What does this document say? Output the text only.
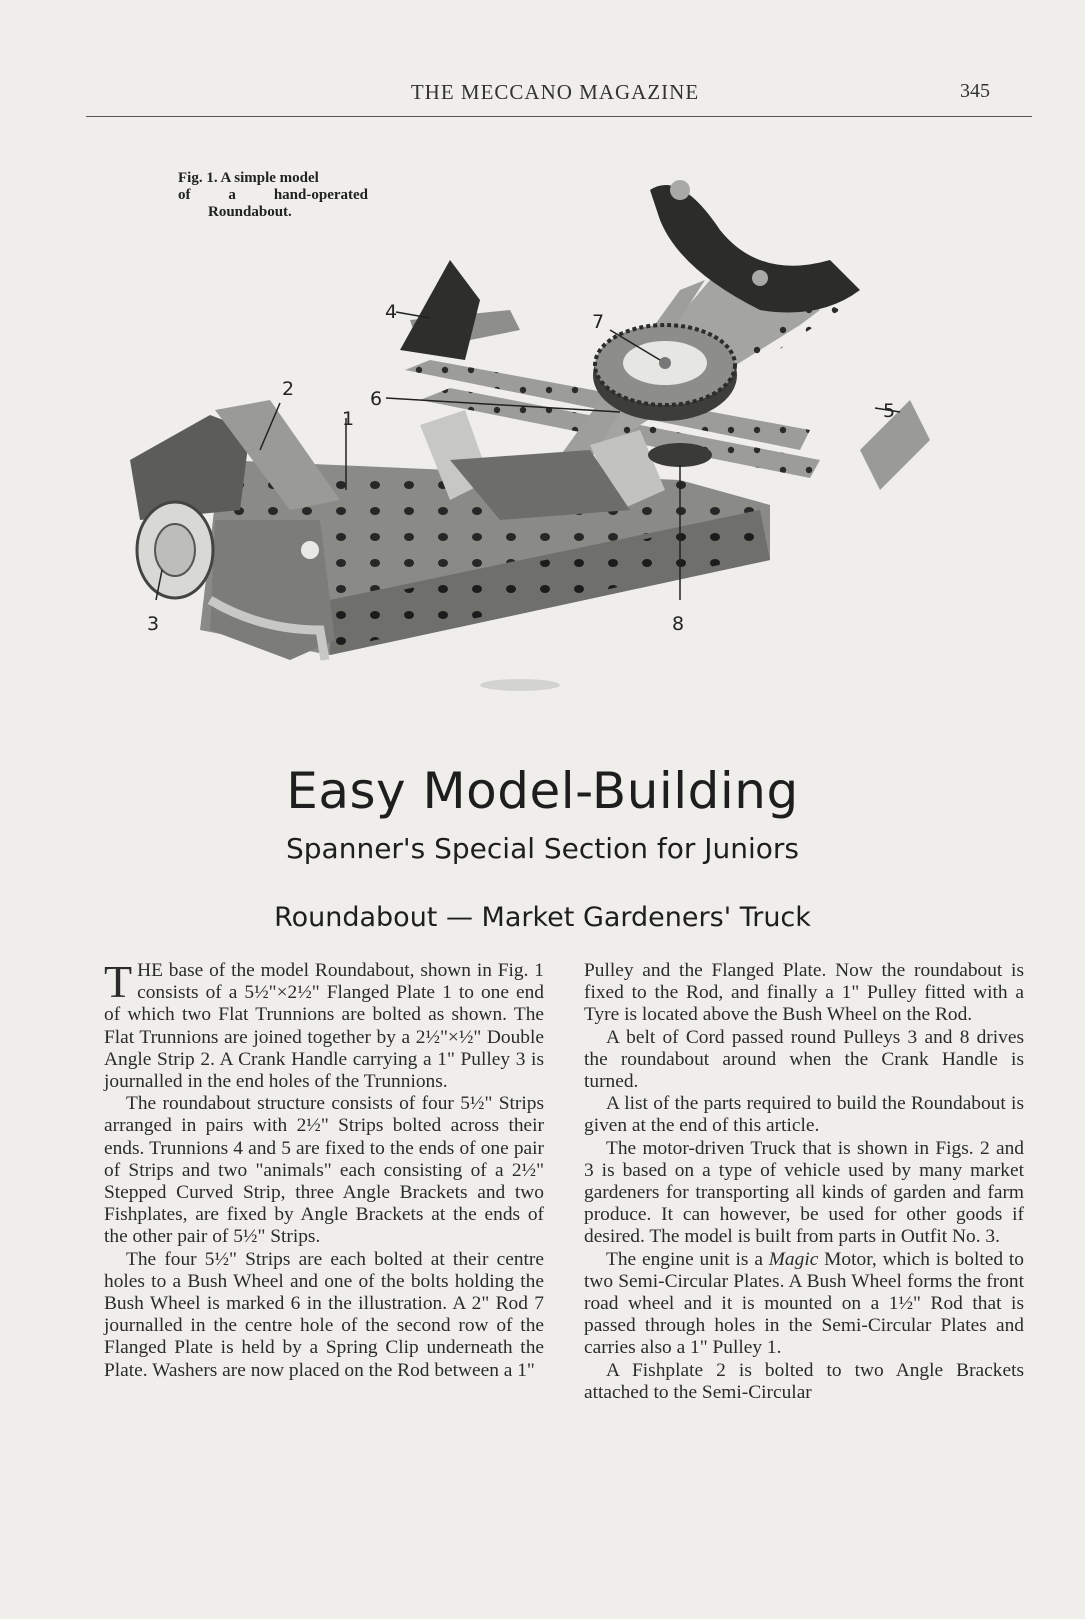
THE MECCANO MAGAZINE	345
Fig. 1. A simple model
of a hand-operated
Roundabout.
2
1
3
4
5
6
7
8
Easy Model-Building
Spanner's Special Section for Juniors
Roundabout — Market Gardeners' Truck

THE base of the model Roundabout, shown in Fig. 1 consists of a 5½"×2½" Flanged Plate 1 to one end of which two Flat Trunnions are bolted as shown. The Flat Trunnions are joined together by a 2½"×½" Double Angle Strip 2. A Crank Handle carrying a 1" Pulley 3 is journalled in the end holes of the Trunnions.

The roundabout structure consists of four 5½" Strips arranged in pairs with 2½" Strips bolted across their ends. Trunnions 4 and 5 are fixed to the ends of one pair of Strips and two "animals" each consisting of a 2½" Stepped Curved Strip, three Angle Brackets and two Fishplates, are fixed by Angle Brackets at the ends of the other pair of 5½" Strips.

The four 5½" Strips are each bolted at their centre holes to a Bush Wheel and one of the bolts holding the Bush Wheel is marked 6 in the illustration. A 2" Rod 7 journalled in the centre hole of the second row of the Flanged Plate is held by a Spring Clip underneath the Plate. Washers are now placed on the Rod between a 1"

Pulley and the Flanged Plate. Now the roundabout is fixed to the Rod, and finally a 1" Pulley fitted with a Tyre is located above the Bush Wheel on the Rod.

A belt of Cord passed round Pulleys 3 and 8 drives the roundabout around when the Crank Handle is turned.

A list of the parts required to build the Roundabout is given at the end of this article.

The motor-driven Truck that is shown in Figs. 2 and 3 is based on a type of vehicle used by many market gardeners for transporting all kinds of garden and farm produce. It can however, be used for other goods if desired. The model is built from parts in Outfit No. 3.

The engine unit is a Magic Motor, which is bolted to two Semi-Circular Plates. A Bush Wheel forms the front road wheel and it is mounted on a 1½" Rod that is passed through holes in the Semi-Circular Plates and carries also a 1" Pulley 1.

A Fishplate 2 is bolted to two Angle Brackets attached to the Semi-Circular
